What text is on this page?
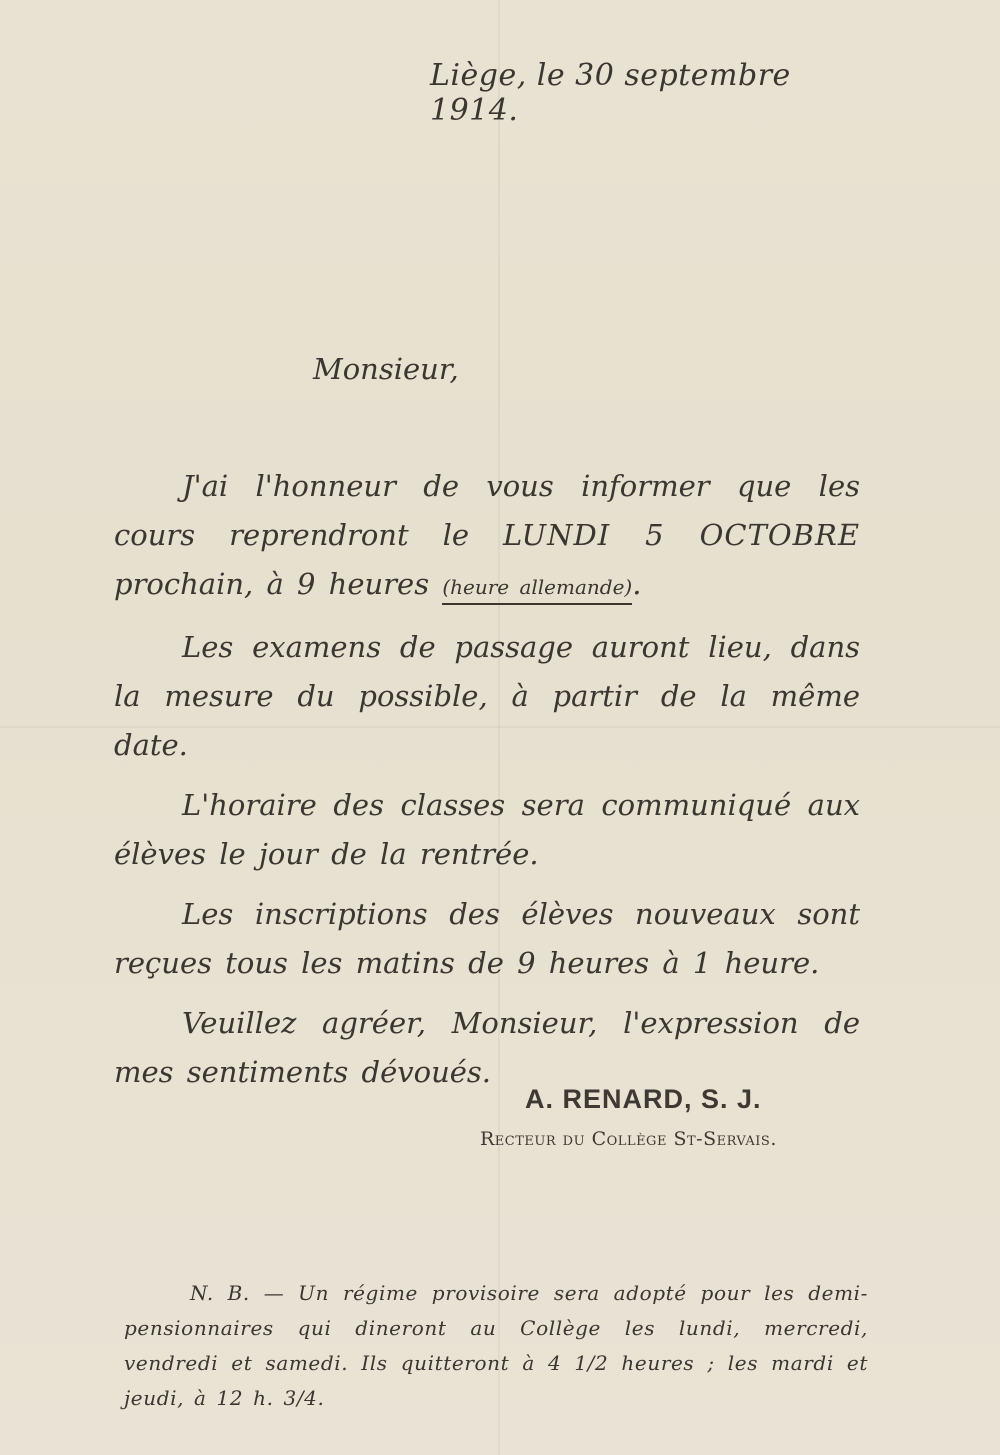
Liège, le 30 septembre 1914.
Monsieur,

J'ai l'honneur de vous informer que les cours reprendront le LUNDI 5 OCTOBRE prochain, à 9 heures (heure allemande).

Les examens de passage auront lieu, dans la mesure du possible, à partir de la même date.

L'horaire des classes sera communiqué aux élèves le jour de la rentrée.

Les inscriptions des élèves nouveaux sont reçues tous les matins de 9 heures à 1 heure.

Veuillez agréer, Monsieur, l'expression de mes sentiments dévoués.

A. RENARD, S. J.
Recteur du Collège St-Servais.
N. B. — Un régime provisoire sera adopté pour les demi-pensionnaires qui dineront au Collège les lundi, mercredi, vendredi et samedi. Ils quitteront à 4 1/2 heures ; les mardi et jeudi, à 12 h. 3/4.
